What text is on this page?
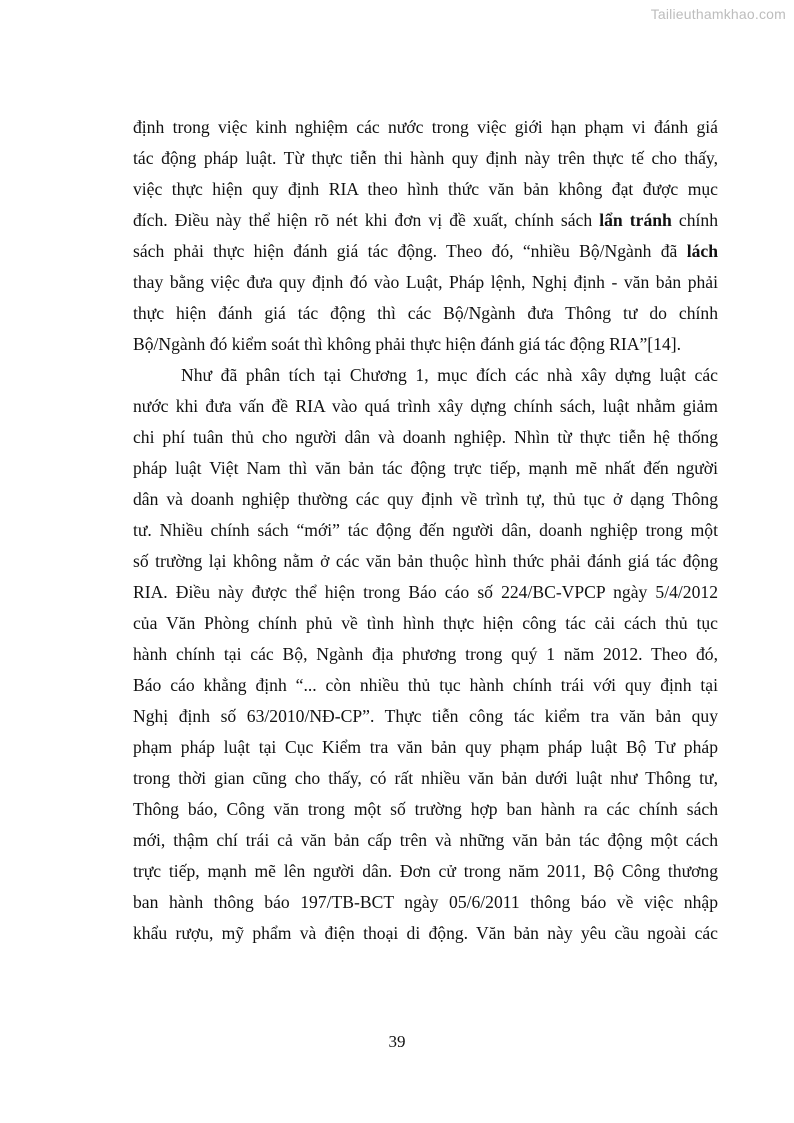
Tailieuthamkhao.com
định trong việc kinh nghiệm các nước trong việc giới hạn phạm vi đánh giá
tác động pháp luật. Từ thực tiễn thi hành quy định này trên thực tế cho thấy,
việc thực hiện quy định RIA theo hình thức văn bản không đạt được mục
đích. Điều này thể hiện rõ nét khi đơn vị đề xuất, chính sách lẩn tránh chính
sách phải thực hiện đánh giá tác động. Theo đó, “nhiều Bộ/Ngành đã lách
thay bằng việc đưa quy định đó vào Luật, Pháp lệnh, Nghị định - văn bản phải
thực hiện đánh giá tác động thì các Bộ/Ngành đưa Thông tư do chính
Bộ/Ngành đó kiểm soát thì không phải thực hiện đánh giá tác động RIA”[14].
Như đã phân tích tại Chương 1, mục đích các nhà xây dựng luật các
nước khi đưa vấn đề RIA vào quá trình xây dựng chính sách, luật nhằm giảm
chi phí tuân thủ cho người dân và doanh nghiệp. Nhìn từ thực tiễn hệ thống
pháp luật Việt Nam thì văn bản tác động trực tiếp, mạnh mẽ nhất đến người
dân và doanh nghiệp thường các quy định về trình tự, thủ tục ở dạng Thông
tư. Nhiều chính sách “mới” tác động đến người dân, doanh nghiệp trong một
số trường lại không nằm ở các văn bản thuộc hình thức phải đánh giá tác động
RIA. Điều này được thể hiện trong Báo cáo số 224/BC-VPCP ngày 5/4/2012
của Văn Phòng chính phủ về tình hình thực hiện công tác cải cách thủ tục
hành chính tại các Bộ, Ngành địa phương trong quý 1 năm 2012. Theo đó,
Báo cáo khẳng định “... còn nhiều thủ tục hành chính trái với quy định tại
Nghị định số 63/2010/NĐ-CP”. Thực tiễn công tác kiểm tra văn bản quy
phạm pháp luật tại Cục Kiểm tra văn bản quy phạm pháp luật Bộ Tư pháp
trong thời gian cũng cho thấy, có rất nhiều văn bản dưới luật như Thông tư,
Thông báo, Công văn trong một số trường hợp ban hành ra các chính sách
mới, thậm chí trái cả văn bản cấp trên và những văn bản tác động một cách
trực tiếp, mạnh mẽ lên người dân. Đơn cử trong năm 2011, Bộ Công thương
ban hành thông báo 197/TB-BCT ngày 05/6/2011 thông báo về việc nhập
khẩu rượu, mỹ phẩm và điện thoại di động. Văn bản này yêu cầu ngoài các
39
